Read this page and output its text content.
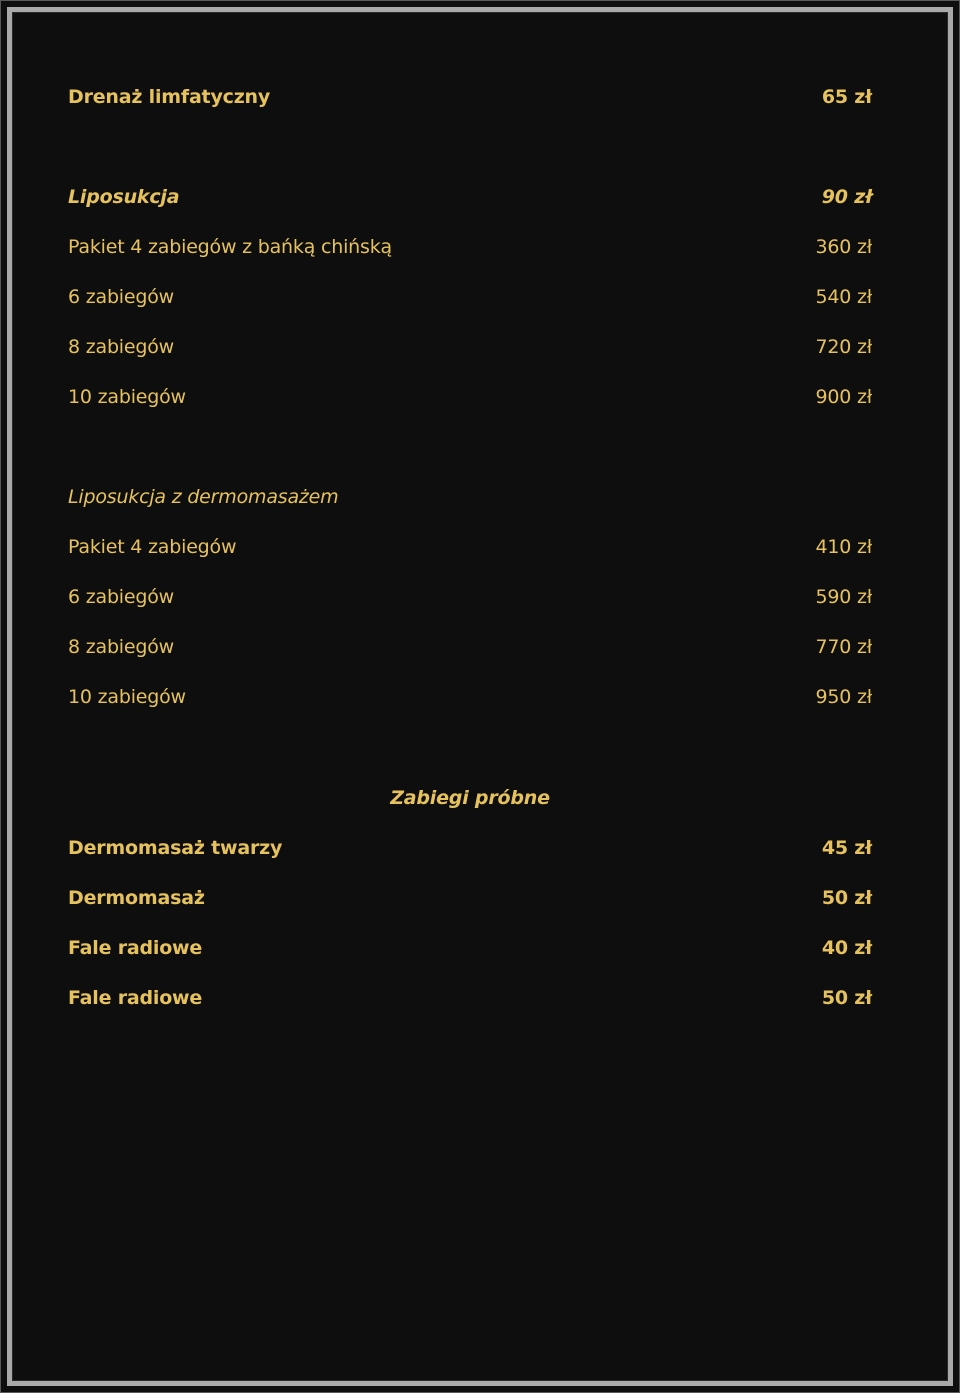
Drenaż limfatyczny	65 zł
Liposukcja	90 zł
Pakiet 4 zabiegów z bańką chińską	360 zł
6 zabiegów	540 zł
8 zabiegów	720 zł
10 zabiegów	900 zł
Liposukcja z dermomasażem
Pakiet 4 zabiegów	410 zł
6 zabiegów	590 zł
8 zabiegów	770 zł
10 zabiegów	950 zł
Zabiegi próbne
Dermomasaż twarzy	45 zł
Dermomasaż	50 zł
Fale radiowe	40 zł
Fale radiowe	50 zł
